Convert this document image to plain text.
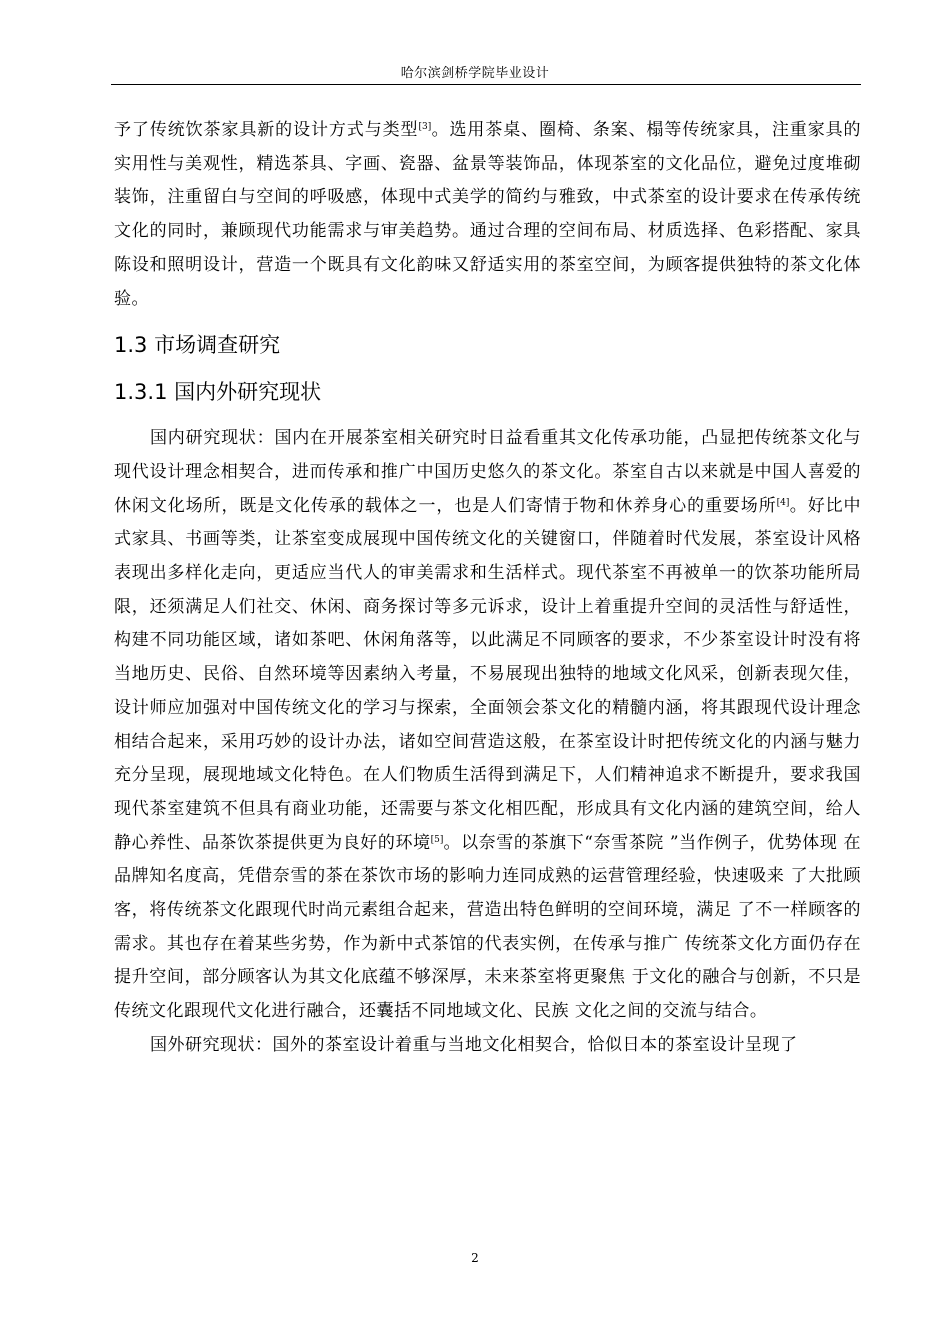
哈尔滨剑桥学院毕业设计

予了传统饮茶家具新的设计方式与类型[3]。选用茶桌、圈椅、条案、榻等传统家具，注重家具的实用性与美观性，精选茶具、字画、瓷器、盆景等装饰品，体现茶室的文化品位，避免过度堆砌装饰，注重留白与空间的呼吸感，体现中式美学的简约与雅致，中式茶室的设计要求在传承传统文化的同时，兼顾现代功能需求与审美趋势。通过合理的空间布局、材质选择、色彩搭配、家具陈设和照明设计，营造一个既具有文化韵味又舒适实用的茶室空间，为顾客提供独特的茶文化体验。

1.3 市场调查研究
1.3.1 国内外研究现状

国内研究现状：国内在开展茶室相关研究时日益看重其文化传承功能，凸显把传统茶文化与现代设计理念相契合，进而传承和推广中国历史悠久的茶文化。茶室自古以来就是中国人喜爱的休闲文化场所，既是文化传承的载体之一，也是人们寄情于物和休养身心的重要场所[4]。好比中式家具、书画等类，让茶室变成展现中国传统文化的关键窗口，伴随着时代发展，茶室设计风格表现出多样化走向，更适应当代人的审美需求和生活样式。现代茶室不再被单一的饮茶功能所局限，还须满足人们社交、休闲、商务探讨等多元诉求，设计上着重提升空间的灵活性与舒适性，构建不同功能区域，诸如茶吧、休闲角落等，以此满足不同顾客的要求，不少茶室设计时没有将当地历史、民俗、自然环境等因素纳入考量，不易展现出独特的地域文化风采，创新表现欠佳，设计师应加强对中国传统文化的学习与探索，全面领会茶文化的精髓内涵，将其跟现代设计理念相结合起来，采用巧妙的设计办法，诸如空间营造这般，在茶室设计时把传统文化的内涵与魅力充分呈现，展现地域文化特色。在人们物质生活得到满足下，人们精神追求不断提升，要求我国现代茶室建筑不但具有商业功能，还需要与茶文化相匹配，形成具有文化内涵的建筑空间，给人静心养性、品茶饮茶提供更为良好的环境[5]。以奈雪的茶旗下“奈雪茶院 ”当作例子，优势体现 在品牌知名度高，凭借奈雪的茶在茶饮市场的影响力连同成熟的运营管理经验，快速吸来 了大批顾客，将传统茶文化跟现代时尚元素组合起来，营造出特色鲜明的空间环境，满足 了不一样顾客的需求。其也存在着某些劣势，作为新中式茶馆的代表实例，在传承与推广 传统茶文化方面仍存在提升空间，部分顾客认为其文化底蕴不够深厚，未来茶室将更聚焦 于文化的融合与创新，不只是传统文化跟现代文化进行融合，还囊括不同地域文化、民族 文化之间的交流与结合。

国外研究现状：国外的茶室设计着重与当地文化相契合，恰似日本的茶室设计呈现了

2
